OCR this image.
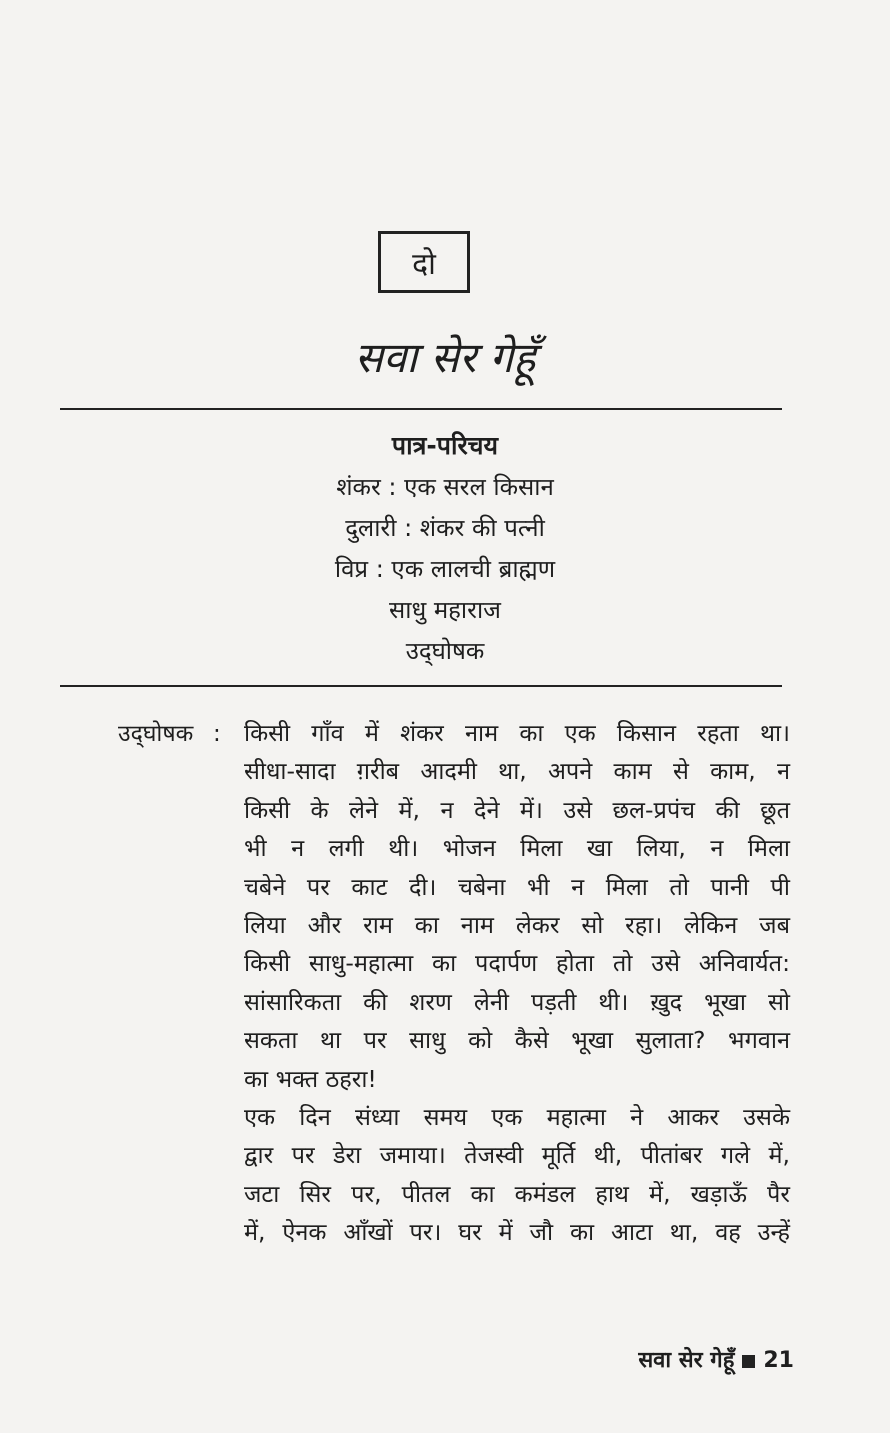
दो
सवा सेर गेहूँ
पात्र-परिचय
शंकर : एक सरल किसान
दुलारी : शंकर की पत्नी
विप्र : एक लालची ब्राह्मण
साधु महाराज
उद्‌घोषक
उद्‌घोषक : किसी गाँव में शंकर नाम का एक किसान रहता था।
सीधा-सादा ग़रीब आदमी था, अपने काम से काम, न
किसी के लेने में, न देने में। उसे छल-प्रपंच की छूत
भी न लगी थी। भोजन मिला खा लिया, न मिला
चबेने पर काट दी। चबेना भी न मिला तो पानी पी
लिया और राम का नाम लेकर सो रहा। लेकिन जब
किसी साधु-महात्मा का पदार्पण होता तो उसे अनिवार्यत:
सांसारिकता की शरण लेनी पड़ती थी। ख़ुद भूखा सो
सकता था पर साधु को कैसे भूखा सुलाता? भगवान
का भक्त ठहरा!

एक दिन संध्या समय एक महात्मा ने आकर उसके
द्वार पर डेरा जमाया। तेजस्वी मूर्ति थी, पीतांबर गले में,
जटा सिर पर, पीतल का कमंडल हाथ में, खड़ाऊँ पैर
में, ऐनक आँखों पर। घर में जौ का आटा था, वह उन्हें

सवा सेर गेहूँ 21
